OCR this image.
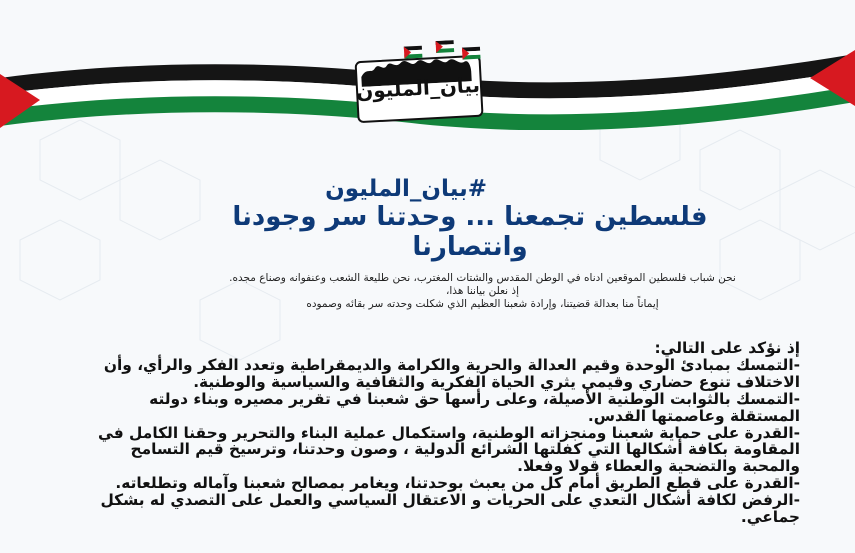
بيان_المليون
#بيان_المليون
فلسطين تجمعنا ... وحدتنا سر وجودنا وانتصارنا

نحن شباب فلسطين الموقعين ادناه في الوطن المقدس والشتات المغترب، نحن طليعة الشعب وعنفوانه وصناع مجده.

إذ نعلن بياننا هذا،

إيماناً منا بعدالة قضيتنا، وإرادة شعبنا العظيم الذي شكلت وحدته سر بقائه وصموده

إذ نؤكد على التالي:

-التمسك بمبادئ الوحدة وقيم العدالة والحرية والكرامة والديمقراطية وتعدد الفكر والرأي، وأن

الاختلاف تنوع حضاري وقيمي يثري الحياة الفكرية والثقافية والسياسية والوطنية.

-التمسك بالثوابت الوطنية الأصيلة، وعلى رأسها حق شعبنا في تقرير مصيره وبناء دولته

المستقلة وعاصمتها القدس.

-القدرة على حماية شعبنا ومنجزاته الوطنية، واستكمال عملية البناء والتحرير وحقنا الكامل في

المقاومة بكافة أشكالها التي كفلتها الشرائع الدولية ، وصون وحدتنا، وترسيخ قيم التسامح

والمحبة والتضحية والعطاء قولا وفعلا.

-القدرة على قطع الطريق أمام كل من يعبث بوحدتنا، ويغامر بمصالح شعبنا وآماله وتطلعاته.

-الرفض لكافة أشكال التعدي على الحريات و الاعتقال السياسي والعمل على التصدي له بشكل

جماعي.
